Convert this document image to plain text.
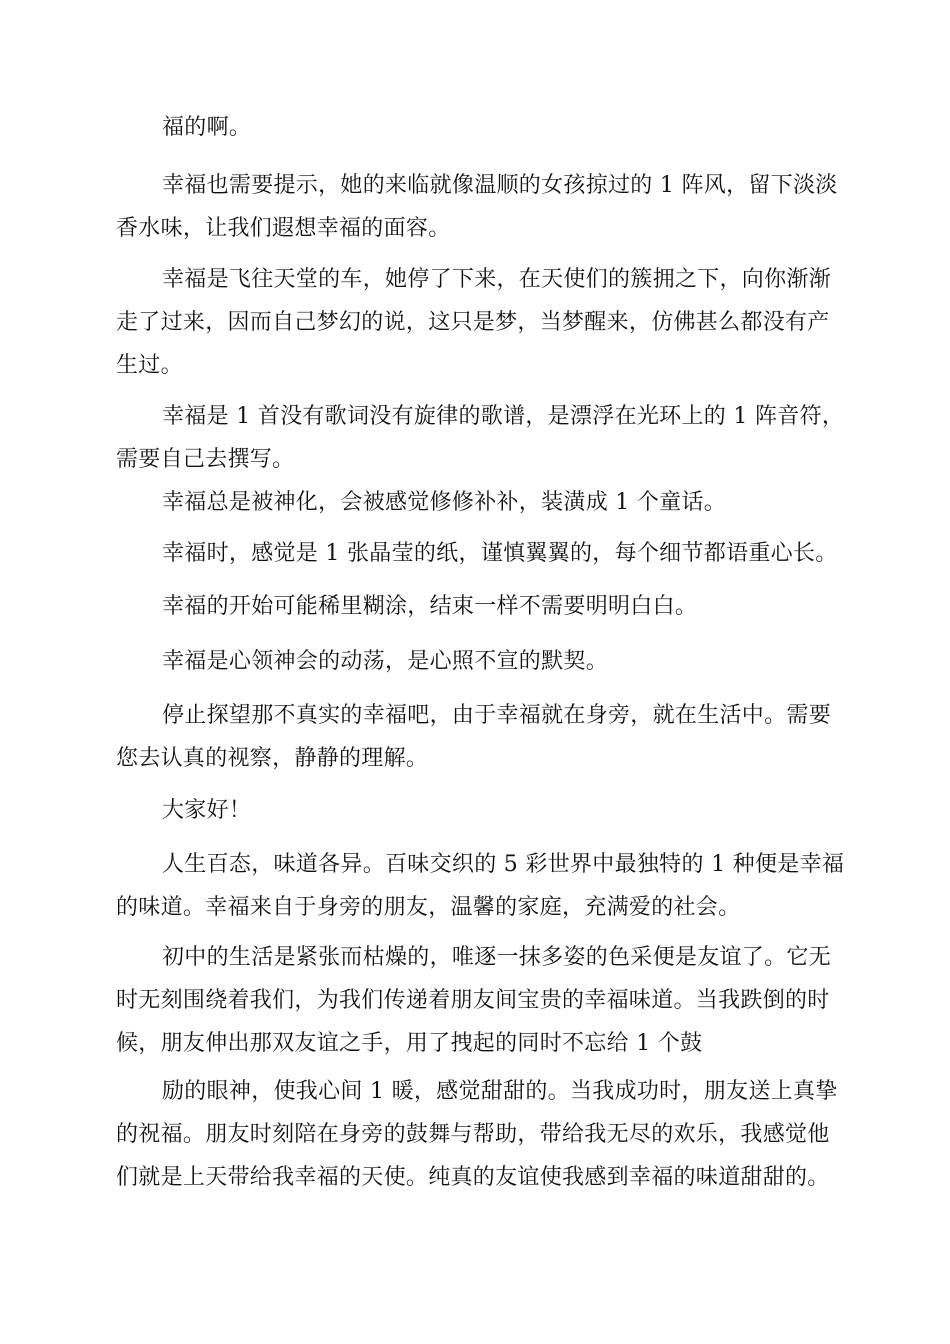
福的啊。

幸福也需要提示，她的来临就像温顺的女孩掠过的 1 阵风，留下淡淡
香水味，让我们遐想幸福的面容。

幸福是飞往天堂的车，她停了下来，在天使们的簇拥之下，向你渐渐
走了过来，因而自己梦幻的说，这只是梦，当梦醒来，仿佛甚么都没有产
生过。

幸福是 1 首没有歌词没有旋律的歌谱，是漂浮在光环上的 1 阵音符，
需要自己去撰写。

幸福总是被神化，会被感觉修修补补，装潢成 1 个童话。

幸福时，感觉是 1 张晶莹的纸，谨慎翼翼的，每个细节都语重心长。

幸福的开始可能稀里糊涂，结束一样不需要明明白白。

幸福是心领神会的动荡，是心照不宣的默契。

停止探望那不真实的幸福吧，由于幸福就在身旁，就在生活中。需要
您去认真的视察，静静的理解。

大家好！

人生百态，味道各异。百味交织的 5 彩世界中最独特的 1 种便是幸福
的味道。幸福来自于身旁的朋友，温馨的家庭，充满爱的社会。

初中的生活是紧张而枯燥的，唯逐一抹多姿的色采便是友谊了。它无
时无刻围绕着我们，为我们传递着朋友间宝贵的幸福味道。当我跌倒的时
候，朋友伸出那双友谊之手，用了拽起的同时不忘给 1 个鼓

励的眼神，使我心间 1 暖，感觉甜甜的。当我成功时，朋友送上真挚
的祝福。朋友时刻陪在身旁的鼓舞与帮助，带给我无尽的欢乐，我感觉他
们就是上天带给我幸福的天使。纯真的友谊使我感到幸福的味道甜甜的。
